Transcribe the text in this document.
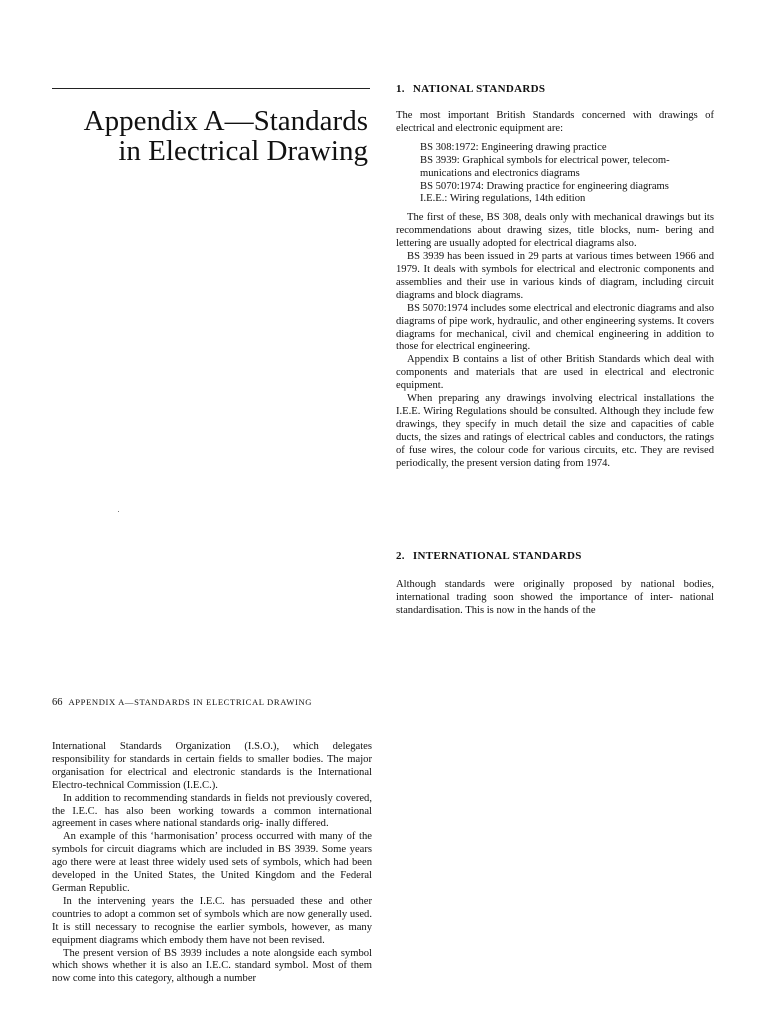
Appendix A—Standards
in Electrical Drawing
1. NATIONAL STANDARDS

The most important British Standards concerned with drawings of electrical and electronic equipment are:

BS 308:1972: Engineering drawing practice
BS 3939: Graphical symbols for electrical power, telecom- munications and electronics diagrams
BS 5070:1974: Drawing practice for engineering diagrams
I.E.E.: Wiring regulations, 14th edition

The first of these, BS 308, deals only with mechanical drawings but its recommendations about drawing sizes, title blocks, num- bering and lettering are usually adopted for electrical diagrams also.

BS 3939 has been issued in 29 parts at various times between 1966 and 1979. It deals with symbols for electrical and electronic components and assemblies and their use in various kinds of diagram, including circuit diagrams and block diagrams.

BS 5070:1974 includes some electrical and electronic diagrams and also diagrams of pipe work, hydraulic, and other engineering systems. It covers diagrams for mechanical, civil and chemical engineering in addition to those for electrical engineering.

Appendix B contains a list of other British Standards which deal with components and materials that are used in electrical and electronic equipment.

When preparing any drawings involving electrical installations the I.E.E. Wiring Regulations should be consulted. Although they include few drawings, they specify in much detail the size and capacities of cable ducts, the sizes and ratings of electrical cables and conductors, the ratings of fuse wires, the colour code for various circuits, etc. They are revised periodically, the present version dating from 1974.

2. INTERNATIONAL STANDARDS

Although standards were originally proposed by national bodies, international trading soon showed the importance of inter- national standardisation. This is now in the hands of the

66 APPENDIX A—STANDARDS IN ELECTRICAL DRAWING

International Standards Organization (I.S.O.), which delegates responsibility for standards in certain fields to smaller bodies. The major organisation for electrical and electronic standards is the International Electro-technical Commission (I.E.C.).

In addition to recommending standards in fields not previously covered, the I.E.C. has also been working towards a common international agreement in cases where national standards orig- inally differed.

An example of this ‘harmonisation’ process occurred with many of the symbols for circuit diagrams which are included in BS 3939. Some years ago there were at least three widely used sets of symbols, which had been developed in the United States, the United Kingdom and the Federal German Republic.

In the intervening years the I.E.C. has persuaded these and other countries to adopt a common set of symbols which are now generally used. It is still necessary to recognise the earlier symbols, however, as many equipment diagrams which embody them have not been revised.

The present version of BS 3939 includes a note alongside each symbol which shows whether it is also an I.E.C. standard symbol. Most of them now come into this category, although a number
